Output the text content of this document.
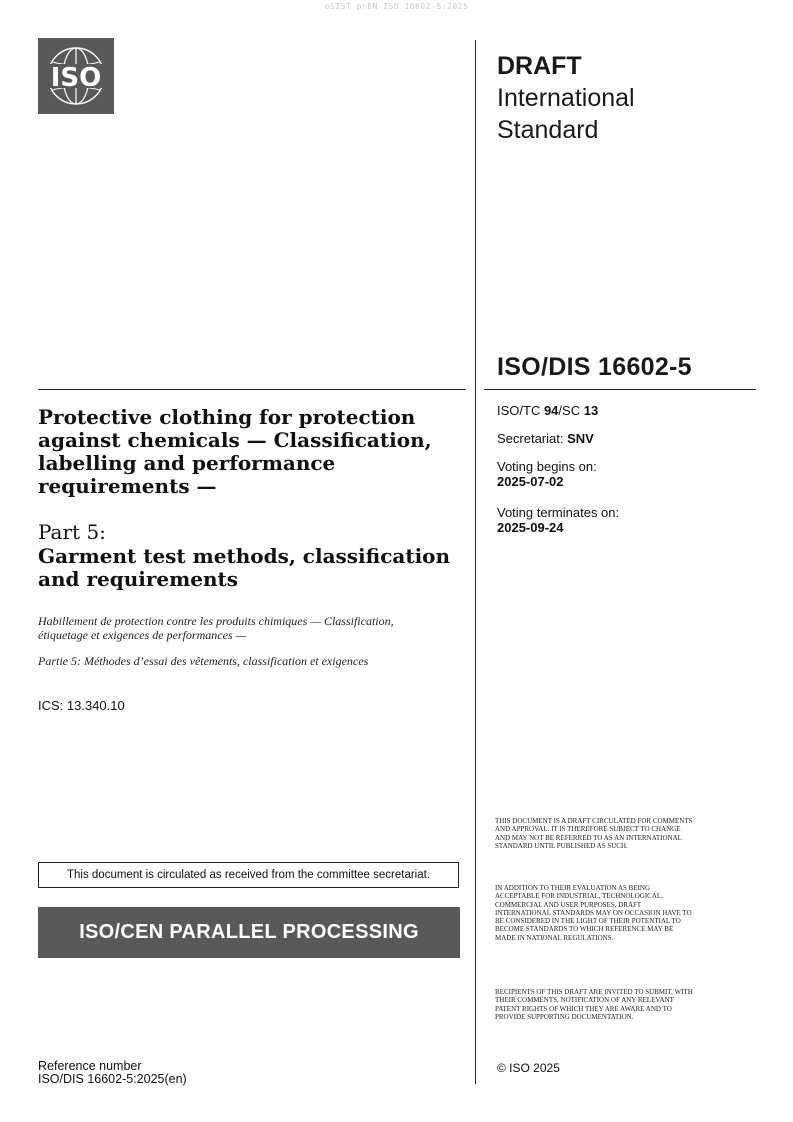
oSIST prEN ISO 16602-5:2025
ISO	DRAFT
International
Standard
ISO/DIS 16602-5
ISO/TC 94/SC 13
Secretariat: SNV
Voting begins on:
2025-07-02
Voting terminates on:
2025-09-24
Protective clothing for protection against chemicals — Classification, labelling and performance requirements —
Part 5:
Garment test methods, classification and requirements
Habillement de protection contre les produits chimiques — Classification, étiquetage et exigences de performances —
Partie 5: Méthodes d’essai des vêtements, classification et exigences
ICS: 13.340.10
This document is circulated as received from the committee secretariat.
ISO/CEN PARALLEL PROCESSING
Reference number
ISO/DIS 16602-5:2025(en)
THIS DOCUMENT IS A DRAFT CIRCULATED FOR COMMENTS AND APPROVAL. IT IS THEREFORE SUBJECT TO CHANGE AND MAY NOT BE REFERRED TO AS AN INTERNATIONAL STANDARD UNTIL PUBLISHED AS SUCH.
IN ADDITION TO THEIR EVALUATION AS BEING ACCEPTABLE FOR INDUSTRIAL, TECHNOLOGICAL, COMMERCIAL AND USER PURPOSES, DRAFT INTERNATIONAL STANDARDS MAY ON OCCASION HAVE TO BE CONSIDERED IN THE LIGHT OF THEIR POTENTIAL TO BECOME STANDARDS TO WHICH REFERENCE MAY BE MADE IN NATIONAL REGULATIONS.
RECIPIENTS OF THIS DRAFT ARE INVITED TO SUBMIT, WITH THEIR COMMENTS, NOTIFICATION OF ANY RELEVANT PATENT RIGHTS OF WHICH THEY ARE AWARE AND TO PROVIDE SUPPORTING DOCUMENTATION.
© ISO 2025
